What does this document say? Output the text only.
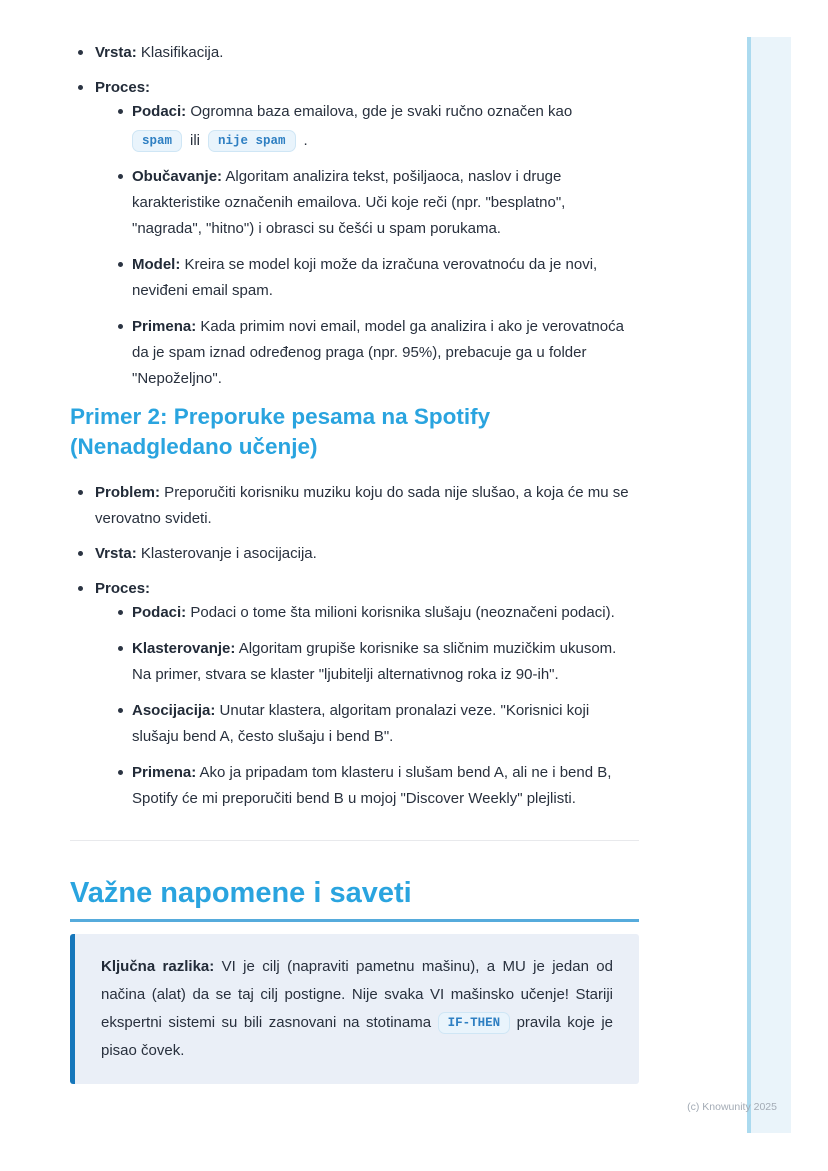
Vrsta: Klasifikacija.
Proces:
Podaci: Ogromna baza emailova, gde je svaki ručno označen kao
spam ili nije spam .
Obučavanje: Algoritam analizira tekst, pošiljaoca, naslov i druge karakteristike označenih emailova. Uči koje reči (npr. "besplatno", "nagrada", "hitno") i obrasci su češći u spam porukama.
Model: Kreira se model koji može da izračuna verovatnoću da je novi, neviđeni email spam.
Primena: Kada primim novi email, model ga analizira i ako je verovatnoća da je spam iznad određenog praga (npr. 95%), prebacuje ga u folder "Nepoželjno".
Primer 2: Preporuke pesama na Spotify (Nenadgledano učenje)
Problem: Preporučiti korisniku muziku koju do sada nije slušao, a koja će mu se verovatno svideti.
Vrsta: Klasterovanje i asocijacija.
Proces:
Podaci: Podaci o tome šta milioni korisnika slušaju (neoznačeni podaci).
Klasterovanje: Algoritam grupiše korisnike sa sličnim muzičkim ukusom. Na primer, stvara se klaster "ljubitelji alternativnog roka iz 90-ih".
Asocijacija: Unutar klastera, algoritam pronalazi veze. "Korisnici koji slušaju bend A, često slušaju i bend B".
Primena: Ako ja pripadam tom klasteru i slušam bend A, ali ne i bend B, Spotify će mi preporučiti bend B u mojoj "Discover Weekly" plejlisti.
Važne napomene i saveti
Ključna razlika: VI je cilj (napraviti pametnu mašinu), a MU je jedan od načina (alat) da se taj cilj postigne. Nije svaka VI mašinsko učenje! Stariji ekspertni sistemi su bili zasnovani na stotinama IF-THEN pravila koje je pisao čovek.
(c) Knowunity 2025
